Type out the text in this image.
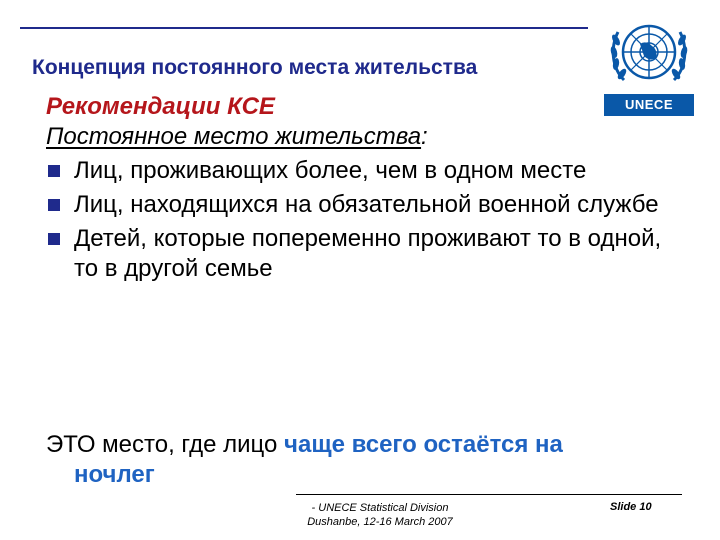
Концепция постоянного места жительства
UNECE
Рекомендации КСЕ
Постоянное место жительства:
Лиц, проживающих более, чем в одном месте
Лиц, находящихся на обязательной военной службе
Детей, которые попеременно проживают то в одной, то в другой семье
ЭТО место, где лицо чаще всего остаётся на
ночлег
- UNECE Statistical Division
Dushanbe, 12-16 March 2007
Slide 10
